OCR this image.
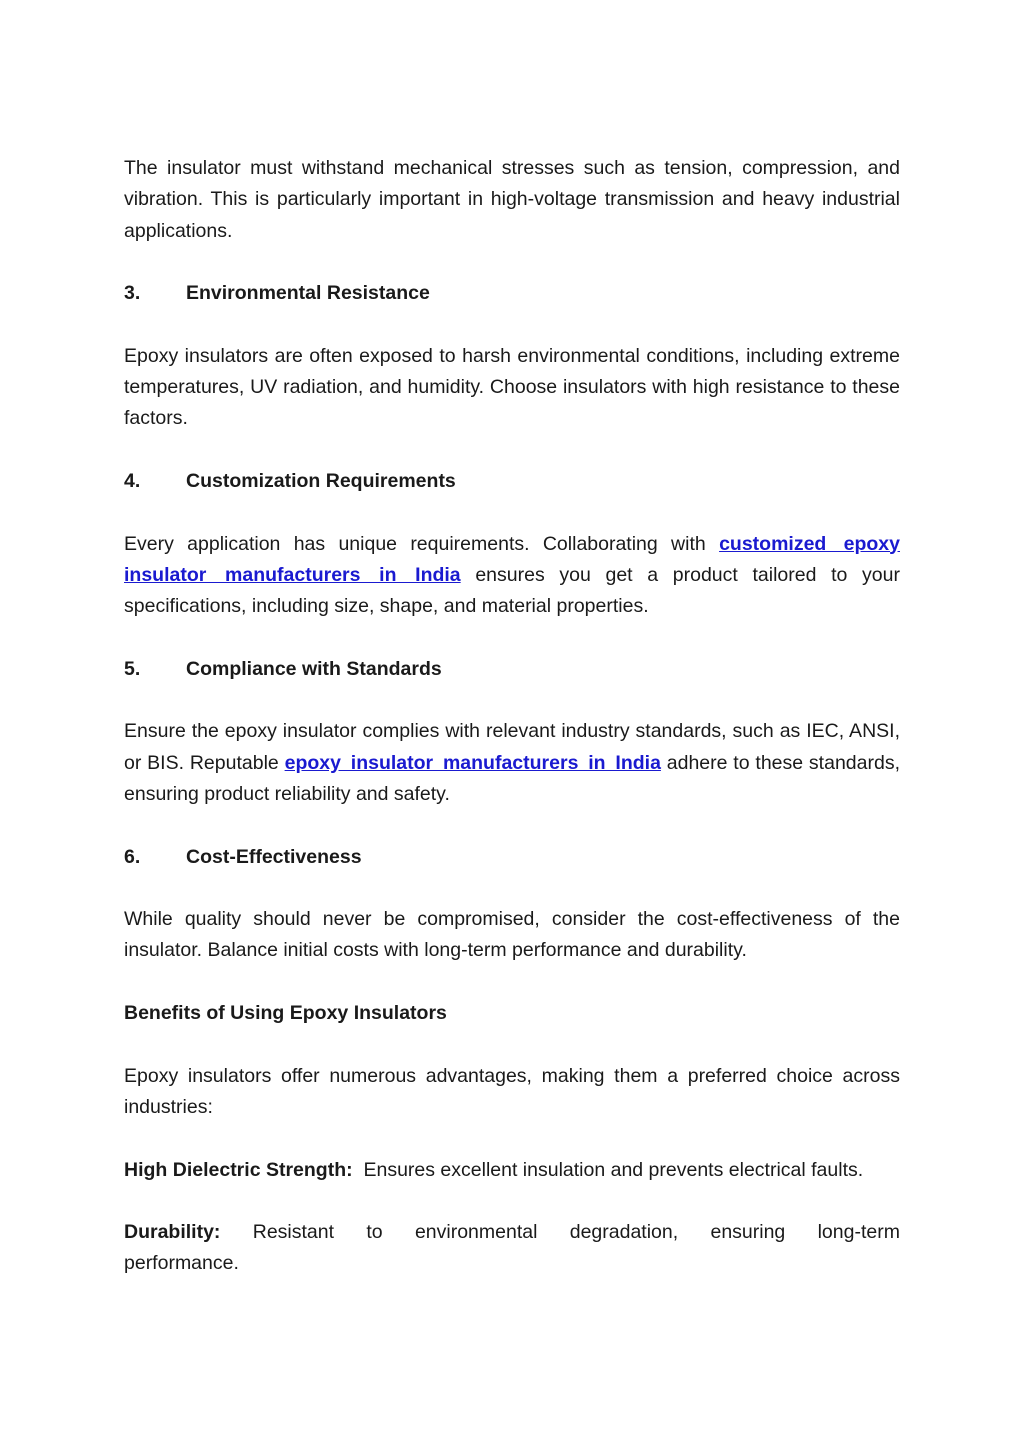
The insulator must withstand mechanical stresses such as tension, compression, and vibration. This is particularly important in high-voltage transmission and heavy industrial applications.

3.	Environmental Resistance

Epoxy insulators are often exposed to harsh environmental conditions, including extreme temperatures, UV radiation, and humidity. Choose insulators with high resistance to these factors.

4.	Customization Requirements

Every application has unique requirements. Collaborating with customized epoxy insulator manufacturers in India ensures you get a product tailored to your specifications, including size, shape, and material properties.

5.	Compliance with Standards

Ensure the epoxy insulator complies with relevant industry standards, such as IEC, ANSI, or BIS. Reputable epoxy insulator manufacturers in India adhere to these standards, ensuring product reliability and safety.

6.	Cost-Effectiveness

While quality should never be compromised, consider the cost-effectiveness of the insulator. Balance initial costs with long-term performance and durability.

Benefits of Using Epoxy Insulators

Epoxy insulators offer numerous advantages, making them a preferred choice across industries:

High Dielectric Strength: Ensures excellent insulation and prevents electrical faults.

Durability: Resistant to environmental degradation, ensuring long-term
performance.
